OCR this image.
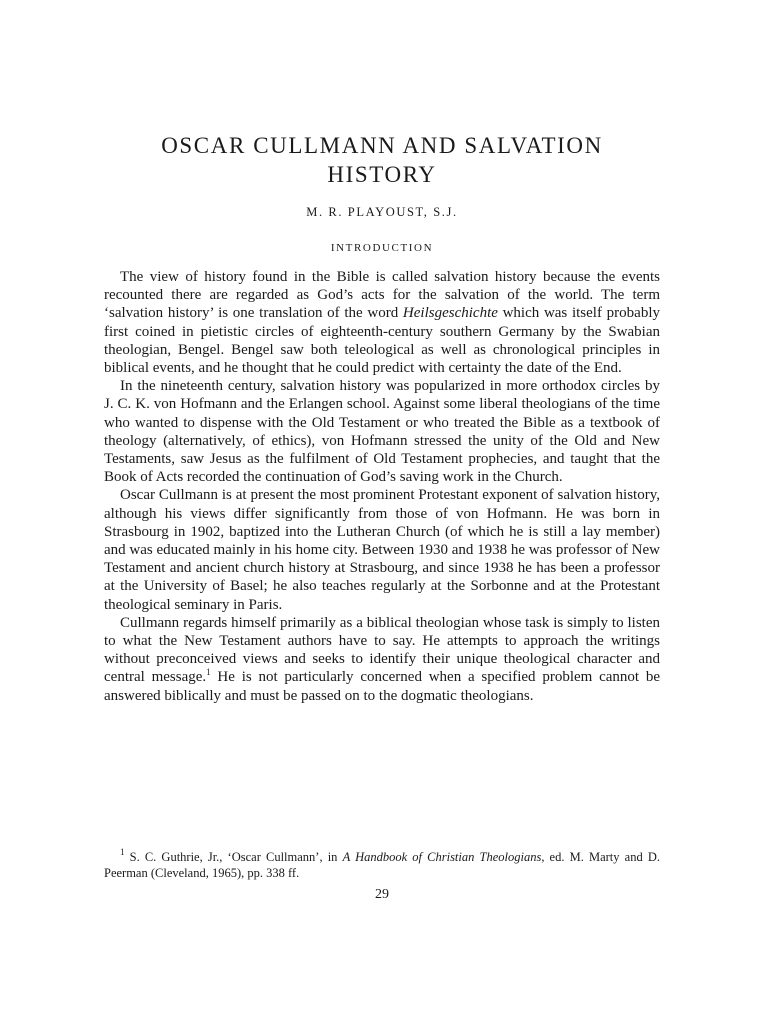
OSCAR CULLMANN AND SALVATION HISTORY

M. R. PLAYOUST, S.J.

INTRODUCTION

The view of history found in the Bible is called salvation history because the events recounted there are regarded as God’s acts for the salvation of the world. The term ‘salvation history’ is one translation of the word Heilsgeschichte which was itself probably first coined in pietistic circles of eighteenth-century southern Germany by the Swabian theologian, Bengel. Bengel saw both teleological as well as chronological principles in biblical events, and he thought that he could predict with certainty the date of the End.

In the nineteenth century, salvation history was popularized in more orthodox circles by J. C. K. von Hofmann and the Erlangen school. Against some liberal theologians of the time who wanted to dispense with the Old Testament or who treated the Bible as a textbook of theology (alternatively, of ethics), von Hofmann stressed the unity of the Old and New Testaments, saw Jesus as the fulfilment of Old Testament prophecies, and taught that the Book of Acts recorded the continuation of God’s saving work in the Church.

Oscar Cullmann is at present the most prominent Protestant exponent of salvation history, although his views differ significantly from those of von Hofmann. He was born in Strasbourg in 1902, baptized into the Lutheran Church (of which he is still a lay member) and was educated mainly in his home city. Between 1930 and 1938 he was professor of New Testament and ancient church history at Strasbourg, and since 1938 he has been a professor at the University of Basel; he also teaches regularly at the Sorbonne and at the Protestant theological seminary in Paris.

Cullmann regards himself primarily as a biblical theologian whose task is simply to listen to what the New Testament authors have to say. He attempts to approach the writings without preconceived views and seeks to identify their unique theological character and central message.$^1$ He is not particularly concerned when a specified problem cannot be answered biblically and must be passed on to the dogmatic theologians.

$^1$ S. C. Guthrie, Jr., ‘Oscar Cullmann’, in A Handbook of Christian Theologians, ed. M. Marty and D. Peerman (Cleveland, 1965), pp. 338 ff.

29
